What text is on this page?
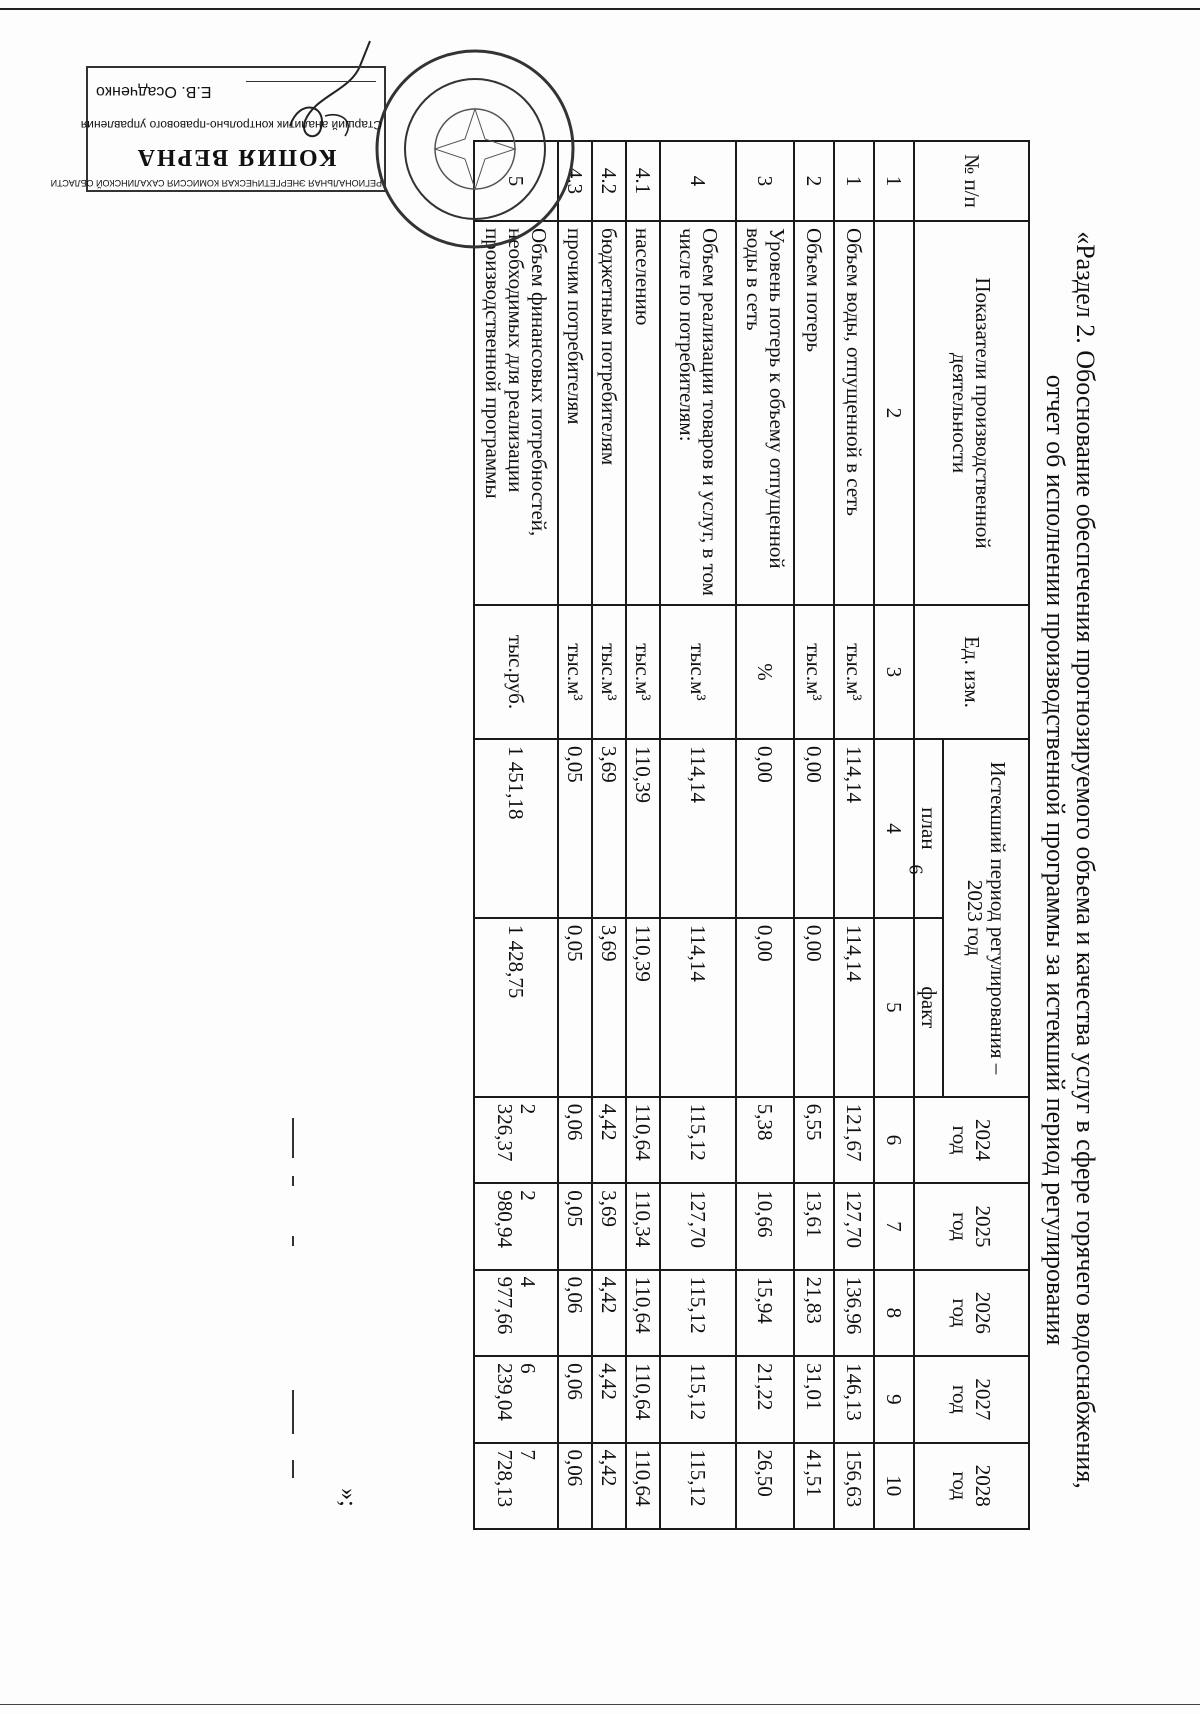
6
»;
«Раздел 2. Обоснование обеспечения прогнозируемого объема и качества услуг в сфере горячего водоснабжения,
отчет об исполнении производственной программы за истекший период регулирования
№ п/п	Показатели производственной деятельности	Ед. изм.	Истекший период регулирования – 2023 год		2024 год	2025 год	2026 год	2027 год	2028 год
			план	факт					
1	2	3	4	5	6	7	8	9	10
1	Объем воды, отпущенной в сеть	тыс.м³	114,14	114,14	121,67	127,70	136,96	146,13	156,63
2	Объем потерь	тыс.м³	0,00	0,00	6,55	13,61	21,83	31,01	41,51
3	Уровень потерь к объему отпущенной воды в сеть	%	0,00	0,00	5,38	10,66	15,94	21,22	26,50
4	Объем реализации товаров и услуг, в том числе по потребителям:	тыс.м³	114,14	114,14	115,12	127,70	115,12	115,12	115,12
4.1	населению	тыс.м³	110,39	110,39	110,64	110,34	110,64	110,64	110,64
4.2	бюджетным потребителям	тыс.м³	3,69	3,69	4,42	3,69	4,42	4,42	4,42
4.3	прочим потребителям	тыс.м³	0,05	0,05	0,06	0,05	0,06	0,06	0,06
5	Объем финансовых потребностей, необходимых для реализации производственной программы	тыс.руб.	1 451,18	1 428,75	2 326,37	2 980,94	4 977,66	6 239,04	7 728,13
РЕГИОНАЛЬНАЯ ЭНЕРГЕТИЧЕСКАЯ КОМИССИЯ САХАЛИНСКОЙ ОБЛАСТИ
КОПИЯ ВЕРНА
Старший аналитик контрольно-правового управления
Е.В. Осадченко
